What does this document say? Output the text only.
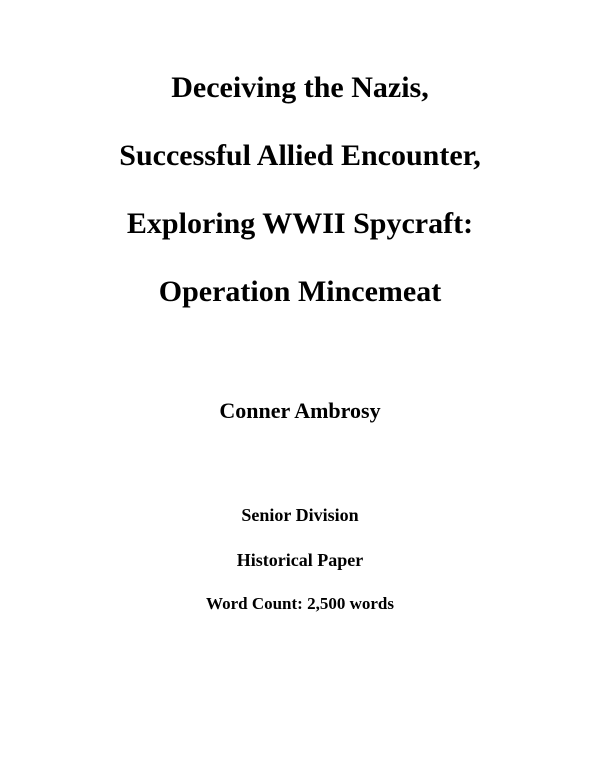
Deceiving the Nazis,

Successful Allied Encounter,

Exploring WWII Spycraft:

Operation Mincemeat

Conner Ambrosy

Senior Division

Historical Paper

Word Count: 2,500 words
